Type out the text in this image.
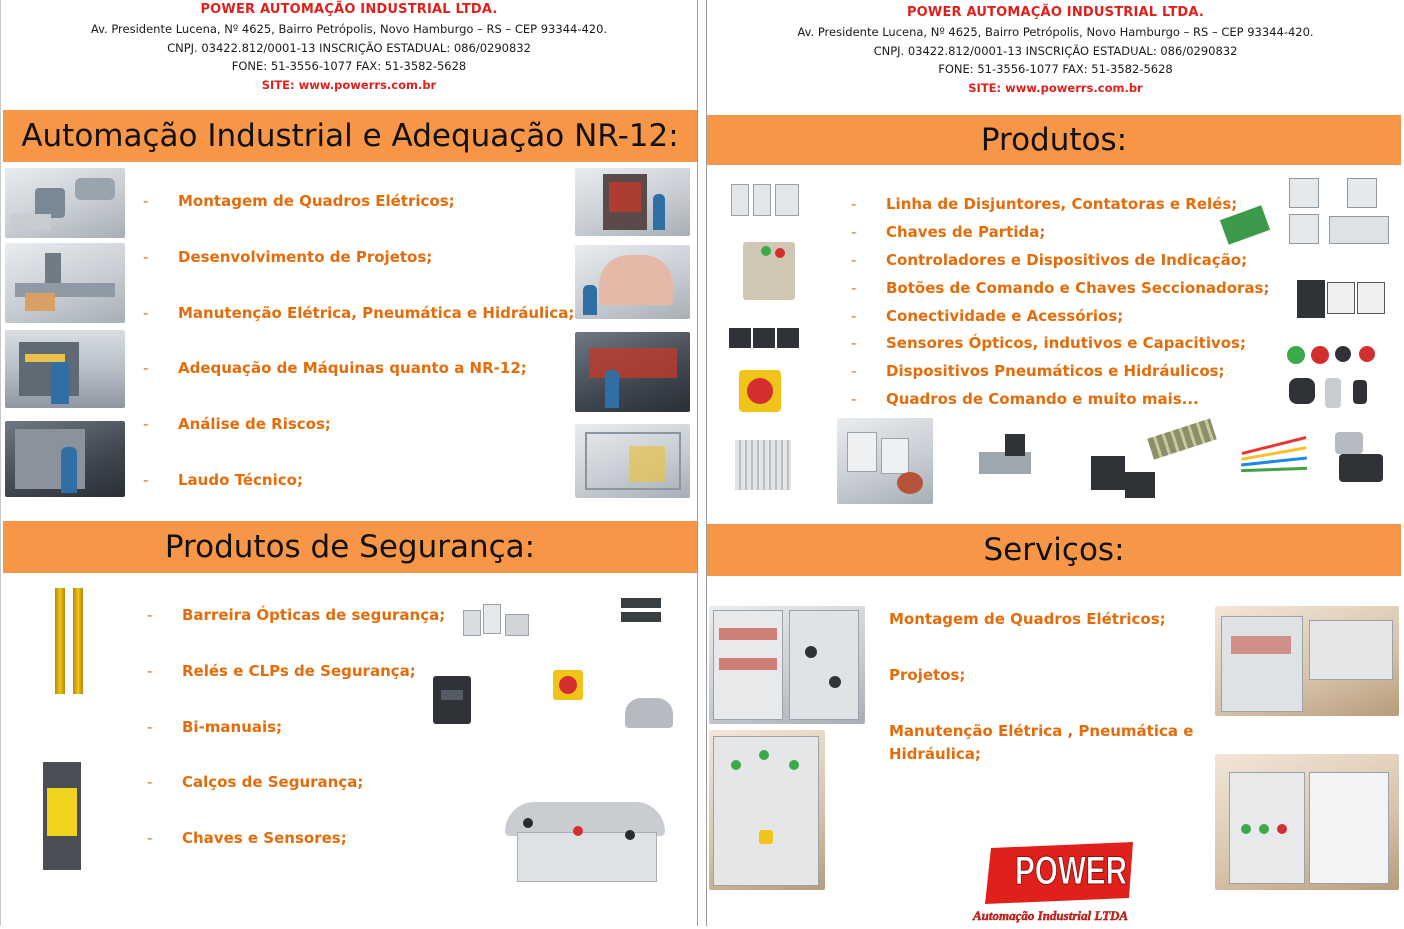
POWER AUTOMAÇÃO INDUSTRIAL LTDA.
Av. Presidente Lucena, Nº 4625, Bairro Petrópolis, Novo Hamburgo – RS – CEP 93344-420.
CNPJ. 03422.812/0001-13 INSCRIÇÃO ESTADUAL: 086/0290832
FONE: 51-3556-1077 FAX: 51-3582-5628
SITE: www.powerrs.com.br
Automação Industrial e Adequação NR-12:
- Montagem de Quadros Elétricos;
- Desenvolvimento de Projetos;
- Manutenção Elétrica, Pneumática e Hidráulica;
- Adequação de Máquinas quanto a NR-12;
- Análise de Riscos;
- Laudo Técnico;
Produtos de Segurança:
- Barreira Ópticas de segurança;
- Relés e CLPs de Segurança;
- Bi-manuais;
- Calços de Segurança;
- Chaves e Sensores;
POWER AUTOMAÇÃO INDUSTRIAL LTDA.
Av. Presidente Lucena, Nº 4625, Bairro Petrópolis, Novo Hamburgo – RS – CEP 93344-420.
CNPJ. 03422.812/0001-13 INSCRIÇÃO ESTADUAL: 086/0290832
FONE: 51-3556-1077 FAX: 51-3582-5628
SITE: www.powerrs.com.br
Produtos:
- Linha de Disjuntores, Contatoras e Relés;
- Chaves de Partida;
- Controladores e Dispositivos de Indicação;
- Botões de Comando e Chaves Seccionadoras;
- Conectividade e Acessórios;
- Sensores Ópticos, indutivos e Capacitivos;
- Dispositivos Pneumáticos e Hidráulicos;
- Quadros de Comando e muito mais...
Serviços:
Montagem de Quadros Elétricos;
Projetos;
Manutenção Elétrica , Pneumática e
Hidráulica;
POWER
Automação Industrial LTDA
